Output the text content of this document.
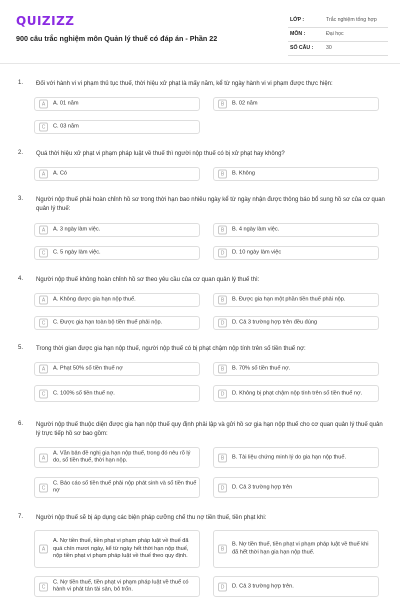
QUIZIZZ
900 câu trắc nghiệm môn Quản lý thuế có đáp án - Phần 22
LỚP :	Trắc nghiệm tổng hợp
MÔN :	Đại học
SỐ CÂU : 30
1. Đối với hành vi vi phạm thủ tục thuế, thời hiệu xử phạt là mấy năm, kể từ ngày hành vi vi phạm được thực hiện:
A	A. 01 năm	B	B. 02 năm
C	C. 03 năm
2. Quá thời hiệu xử phạt vi phạm pháp luật về thuế thì người nộp thuế có bị xử phạt hay không?
A	A. Có	B	B. Không
3. Người nộp thuế phải hoàn chỉnh hồ sơ trong thời hạn bao nhiêu ngày kể từ ngày nhận được thông báo bổ sung hồ sơ của cơ quan quản lý thuế:
A	A. 3 ngày làm việc.	B	B. 4 ngày làm việc.
C	C. 5 ngày làm việc.	D	D. 10 ngày làm việc
4. Người nộp thuế không hoàn chỉnh hồ sơ theo yêu cầu của cơ quan quản lý thuế thì:
A	A. Không được gia hạn nộp thuế.	B	B. Được gia hạn một phần tiền thuế phải nộp.
C	C. Được gia hạn toàn bộ tiền thuế phải nộp.	D	D. Cả 3 trường hợp trên đều đúng
5. Trong thời gian được gia hạn nộp thuế, người nộp thuế có bị phạt chậm nộp tính trên số tiền thuế nợ:
A	A. Phạt 50% số tiền thuế nợ	B	B. 70% số tiền thuế nợ.
C	C. 100% số tiền thuế nợ.	D	D. Không bị phạt chậm nộp tính trên số tiền thuế nợ.
6. Người nộp thuế thuộc diện được gia hạn nộp thuế quy định phải lập và gửi hồ sơ gia hạn nộp thuế cho cơ quan quản lý thuế quản lý trực tiếp hồ sơ bao gồm:
A
A. Văn bản đề nghị gia hạn nộp thuế, trong đó nêu rõ lý do, số tiền thuế, thời hạn nộp.	B	B. Tài liệu chứng minh lý do gia hạn nộp thuế.
C
C. Báo cáo số tiền thuế phải nộp phát sinh và số tiền thuế nợ	D	D. Cả 3 trường hợp trên
7. Người nộp thuế sẽ bị áp dụng các biện pháp cưỡng chế thu nợ tiền thuế, tiền phạt khi:
A
A. Nợ tiền thuế, tiền phạt vi phạm pháp luật về thuế đã quá chín mươi ngày, kể từ ngày hết thời hạn nộp thuế, nộp tiền phạt vi phạm pháp luật về thuế theo quy định.
B
B. Nợ tiền thuế, tiền phạt vi phạm pháp luật về thuế khi đã hết thời hạn gia hạn nộp thuế.
C
C. Nợ tiền thuế, tiền phạt vi phạm pháp luật về thuế có hành vi phát tán tài sản, bỏ trốn.	D	D. Cả 3 trường hợp trên.
